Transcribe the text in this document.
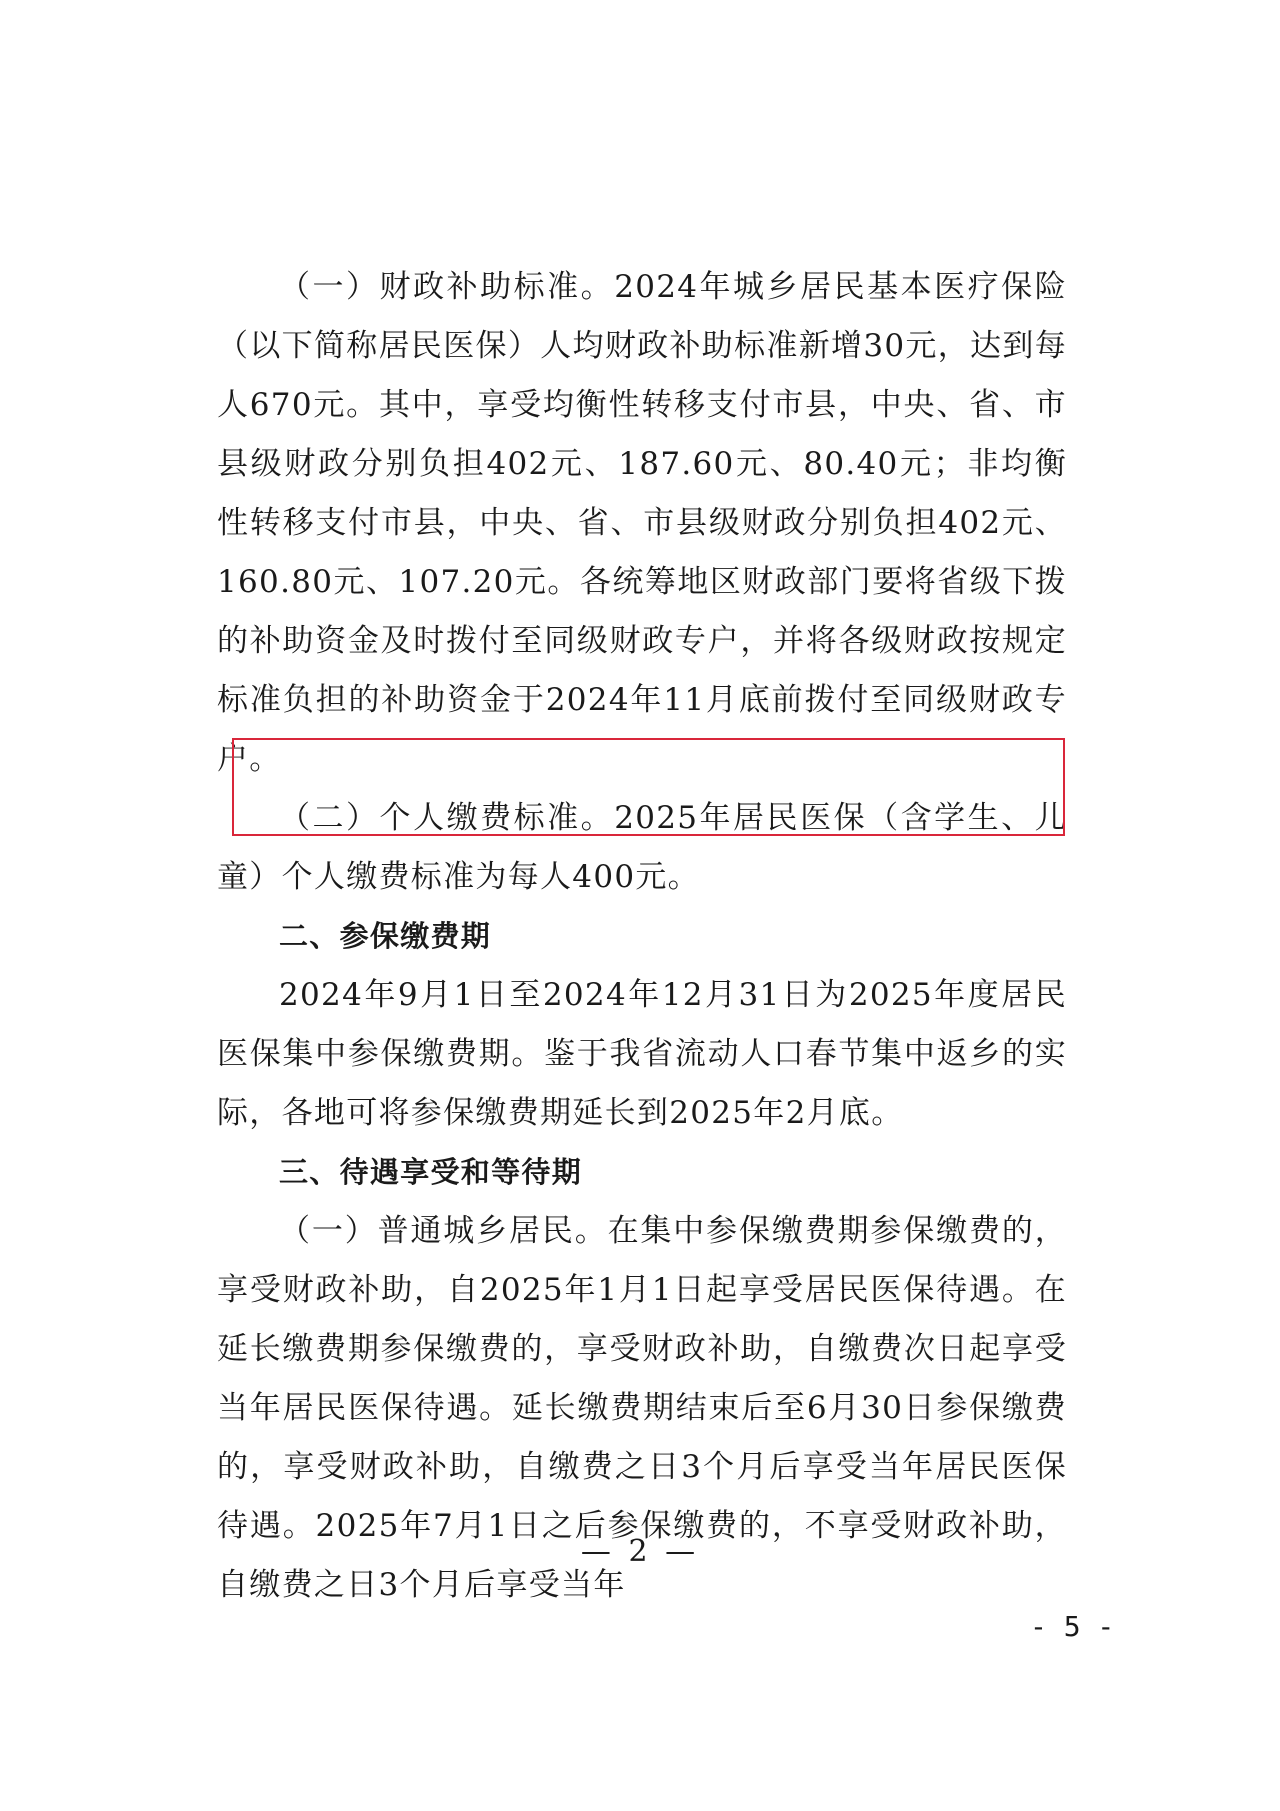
（一）财政补助标准。2024年城乡居民基本医疗保险（以下简称居民医保）人均财政补助标准新增30元，达到每人670元。其中，享受均衡性转移支付市县，中央、省、市县级财政分别负担402元、187.60元、80.40元；非均衡性转移支付市县，中央、省、市县级财政分别负担402元、160.80元、107.20元。各统筹地区财政部门要将省级下拨的补助资金及时拨付至同级财政专户，并将各级财政按规定标准负担的补助资金于2024年11月底前拨付至同级财政专户。

（二）个人缴费标准。2025年居民医保（含学生、儿童）个人缴费标准为每人400元。

二、参保缴费期

2024年9月1日至2024年12月31日为2025年度居民医保集中参保缴费期。鉴于我省流动人口春节集中返乡的实际，各地可将参保缴费期延长到2025年2月底。

三、待遇享受和等待期

（一）普通城乡居民。在集中参保缴费期参保缴费的，享受财政补助，自2025年1月1日起享受居民医保待遇。在延长缴费期参保缴费的，享受财政补助，自缴费次日起享受当年居民医保待遇。延长缴费期结束后至6月30日参保缴费的，享受财政补助，自缴费之日3个月后享受当年居民医保待遇。2025年7月1日之后参保缴费的，不享受财政补助，自缴费之日3个月后享受当年

— 2 —
- 5 -
